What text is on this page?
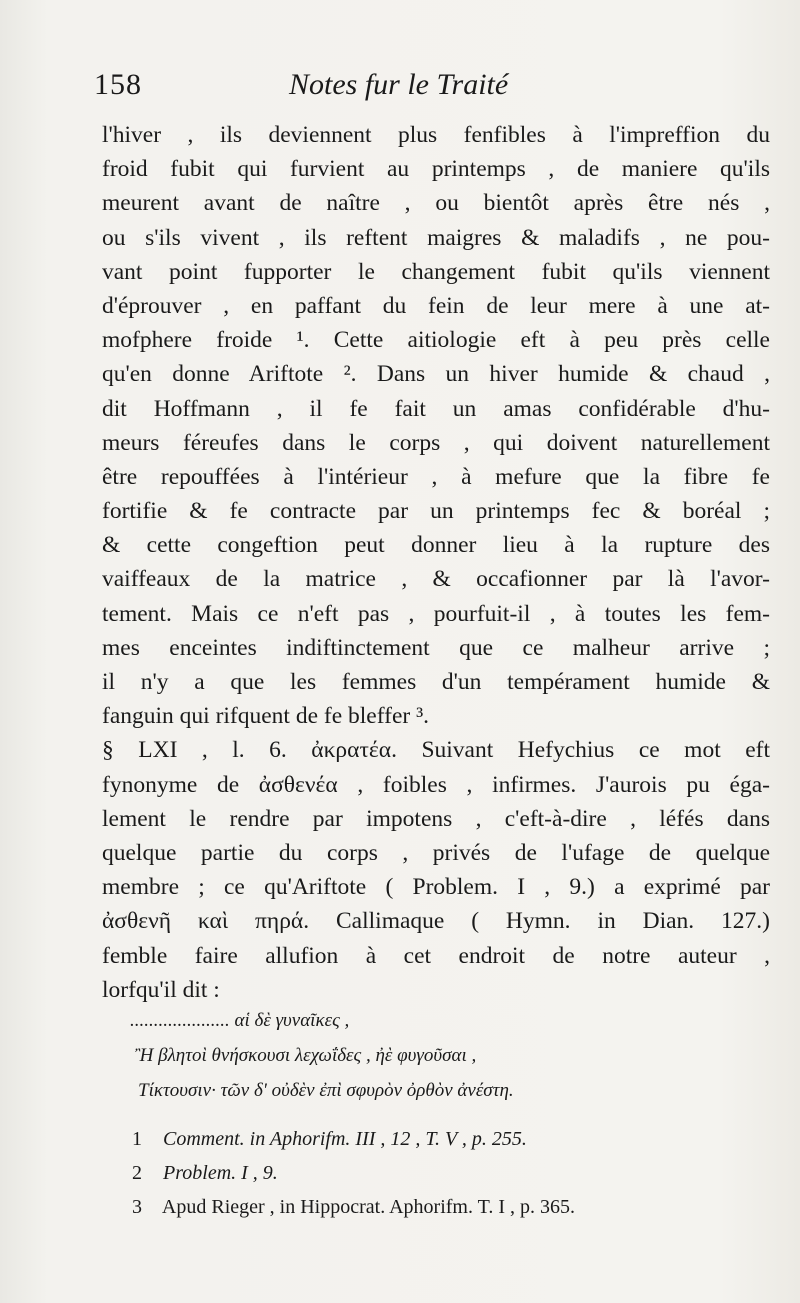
158	Notes fur le Traité
l'hiver , ils deviennent plus fenfibles à l'impreffion du
froid fubit qui furvient au printemps , de maniere qu'ils
meurent avant de naître , ou bientôt après être nés ,
ou s'ils vivent , ils reftent maigres & maladifs , ne pou-
vant point fupporter le changement fubit qu'ils viennent
d'éprouver , en paffant du fein de leur mere à une at-
mofphere froide ¹. Cette aitiologie eft à peu près celle
qu'en donne Ariftote ². Dans un hiver humide & chaud ,
dit Hoffmann , il fe fait un amas confidérable d'hu-
meurs féreufes dans le corps , qui doivent naturellement
être repouffées à l'intérieur , à mefure que la fibre fe
fortifie & fe contracte par un printemps fec & boréal ;
& cette congeftion peut donner lieu à la rupture des
vaiffeaux de la matrice , & occafionner par là l'avor-
tement. Mais ce n'eft pas , pourfuit-il , à toutes les fem-
mes enceintes indiftinctement que ce malheur arrive ;
il n'y a que les femmes d'un tempérament humide &
fanguin qui rifquent de fe bleffer ³.
§ LXI , l. 6. ἀκρατέα. Suivant Hefychius ce mot eft
fynonyme de ἀσθενέα , foibles , infirmes. J'aurois pu éga-
lement le rendre par impotens , c'eft-à-dire , léfés dans
quelque partie du corps , privés de l'ufage de quelque
membre ; ce qu'Ariftote ( Problem. I , 9.) a exprimé par
ἀσθενῆ καὶ πηρά. Callimaque ( Hymn. in Dian. 127.)
femble faire allufion à cet endroit de notre auteur ,
lorfqu'il dit :
..................... αἱ δὲ γυναῖκες ,
Ἢ βλητοὶ θνήσκουσι λεχωΐδες , ἠὲ φυγοῦσαι ,
Τίκτουσιν· τῶν δ' οὐδὲν ἐπὶ σφυρὸν ὀρθὸν ἀνέστη.
1 Comment. in Aphorifm. III , 12 , T. V , p. 255.
2 Problem. I , 9.
3 Apud Rieger , in Hippocrat. Aphorifm. T. I , p. 365.
